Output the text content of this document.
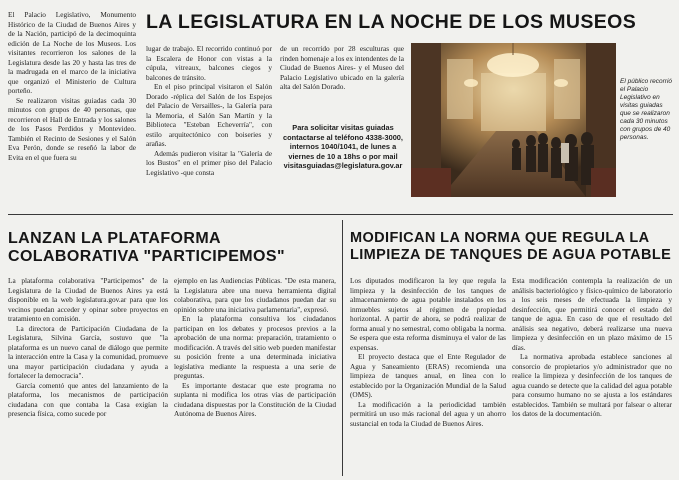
LA LEGISLATURA EN LA NOCHE DE LOS MUSEOS

El Palacio Legislativo, Monumento Histórico de la Ciudad de Buenos Aires y de la Nación, participó de la decimoquinta edición de La Noche de los Museos. Los visitantes recorrieron los salones de la Legislatura desde las 20 y hasta las tres de la madrugada en el marco de la iniciativa que organizó el Ministerio de Cultura porteño.

Se realizaron visitas guiadas cada 30 minutos con grupos de 40 personas, que recorrieron el Hall de Entrada y los salones de los Pasos Perdidos y Montevideo. También el Recinto de Sesiones y el Salón Eva Perón, donde se reseñó la labor de Evita en el que fuera su

lugar de trabajo. El recorrido continuó por la Escalera de Honor con vistas a la cúpula, vitreaux, balcones ciegos y balcones de tránsito.

En el piso principal visitaron el Salón Dorado -réplica del Salón de los Espejos del Palacio de Versailles-, la Galería para la Memoria, el Salón San Martín y la Biblioteca "Esteban Echeverría", con estilo arquitectónico con boiseries y arañas.

Además pudieron visitar la "Galería de los Bustos" en el primer piso del Palacio Legislativo -que consta

de un recorrido por 28 esculturas que rinden homenaje a los ex intendentes de la Ciudad de Buenos Aires- y el Museo del Palacio Legislativo ubicado en la galería alta del Salón Dorado.

Para solicitar visitas guiadas contactarse al teléfono 4338-3000, internos 1040/1041, de lunes a viernes de 10 a 18hs o por mail visitasguiadas@legislatura.gov.ar
El público recorrió el Palacio Legislativo en visitas guiadas que se realizaron cada 30 minutos con grupos de 40 personas.
LANZAN LA PLATAFORMA
COLABORATIVA "PARTICIPEMOS"

La plataforma colaborativa "Participemos" de la Legislatura de la Ciudad de Buenos Aires ya está disponible en la web legislatura.gov.ar para que los vecinos puedan acceder y opinar sobre proyectos en tratamiento en comisión.

La directora de Participación Ciudadana de la Legislatura, Silvina García, sostuvo que "la plataforma es un nuevo canal de diálogo que permite la interacción entre la Casa y la comunidad, promueve una mayor participación ciudadana y ayuda a fortalecer la democracia".

García comentó que antes del lanzamiento de la plataforma, los mecanismos de participación ciudadana con que contaba la Casa exigían la presencia física, como sucede por

ejemplo en las Audiencias Públicas. "De esta manera, la Legislatura abre una nueva herramienta digital colaborativa, para que los ciudadanos puedan dar su opinión sobre una iniciativa parlamentaria", expresó.

En la plataforma consultiva los ciudadanos participan en los debates y procesos previos a la aprobación de una norma: preparación, tratamiento o modificación. A través del sitio web pueden manifestar su posición frente a una determinada iniciativa legislativa mediante la respuesta a una serie de preguntas.

Es importante destacar que este programa no suplanta ni modifica los otras vías de participación ciudadana dispuestas por la Constitución de la Ciudad Autónoma de Buenos Aires.

MODIFICAN LA NORMA QUE REGULA LA
LIMPIEZA DE TANQUES DE AGUA POTABLE

Los diputados modificaron la ley que regula la limpieza y la desinfección de los tanques de almacenamiento de agua potable instalados en los inmuebles sujetos al régimen de propiedad horizontal. A partir de ahora, se podrá realizar de forma anual y no semestral, como obligaba la norma. Se espera que esta reforma disminuya el valor de las expensas.

El proyecto destaca que el Ente Regulador de Agua y Saneamiento (ERAS) recomienda una limpieza de tanques anual, en línea con lo establecido por la Organización Mundial de la Salud (OMS).

La modificación a la periodicidad también permitirá un uso más racional del agua y un ahorro sustancial en toda la Ciudad de Buenos Aires.

Esta modificación contempla la realización de un análisis bacteriológico y físico-químico de laboratorio a los seis meses de efectuada la limpieza y desinfección, que permitirá conocer el estado del tanque de agua. En caso de que el resultado del análisis sea negativo, deberá realizarse una nueva limpieza y desinfección en un plazo máximo de 15 días.

La normativa aprobada establece sanciones al consorcio de propietarios y/o administrador que no realice la limpieza y desinfección de los tanques de agua cuando se detecte que la calidad del agua potable para consumo humano no se ajusta a los estándares establecidos. También se multará por falsear o alterar los datos de la documentación.
